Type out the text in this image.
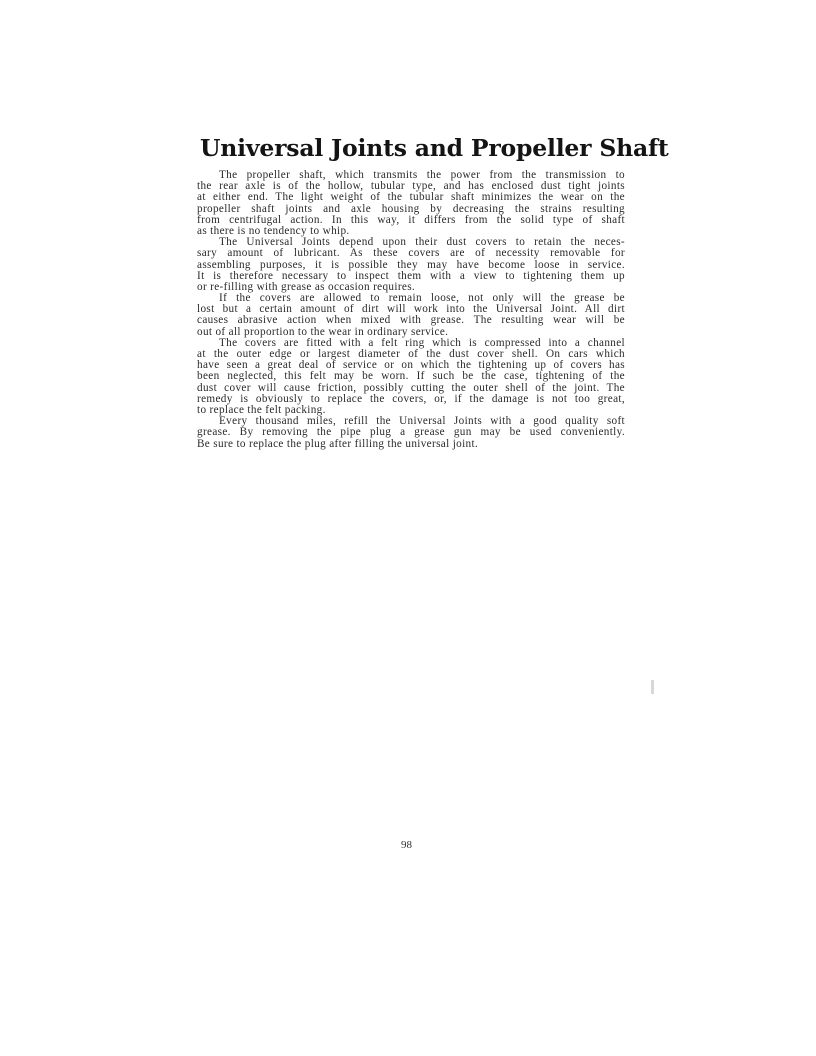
Universal Joints and Propeller Shaft
The propeller shaft, which transmits the power from the transmission to
the rear axle is of the hollow, tubular type, and has enclosed dust tight joints
at either end. The light weight of the tubular shaft minimizes the wear on the
propeller shaft joints and axle housing by decreasing the strains resulting
from centrifugal action. In this way, it differs from the solid type of shaft
as there is no tendency to whip.
The Universal Joints depend upon their dust covers to retain the neces-
sary amount of lubricant. As these covers are of necessity removable for
assembling purposes, it is possible they may have become loose in service.
It is therefore necessary to inspect them with a view to tightening them up
or re-filling with grease as occasion requires.
If the covers are allowed to remain loose, not only will the grease be
lost but a certain amount of dirt will work into the Universal Joint. All dirt
causes abrasive action when mixed with grease. The resulting wear will be
out of all proportion to the wear in ordinary service.
The covers are fitted with a felt ring which is compressed into a channel
at the outer edge or largest diameter of the dust cover shell. On cars which
have seen a great deal of service or on which the tightening up of covers has
been neglected, this felt may be worn. If such be the case, tightening of the
dust cover will cause friction, possibly cutting the outer shell of the joint. The
remedy is obviously to replace the covers, or, if the damage is not too great,
to replace the felt packing.
Every thousand miles, refill the Universal Joints with a good quality soft
grease. By removing the pipe plug a grease gun may be used conveniently.
Be sure to replace the plug after filling the universal joint.
98
